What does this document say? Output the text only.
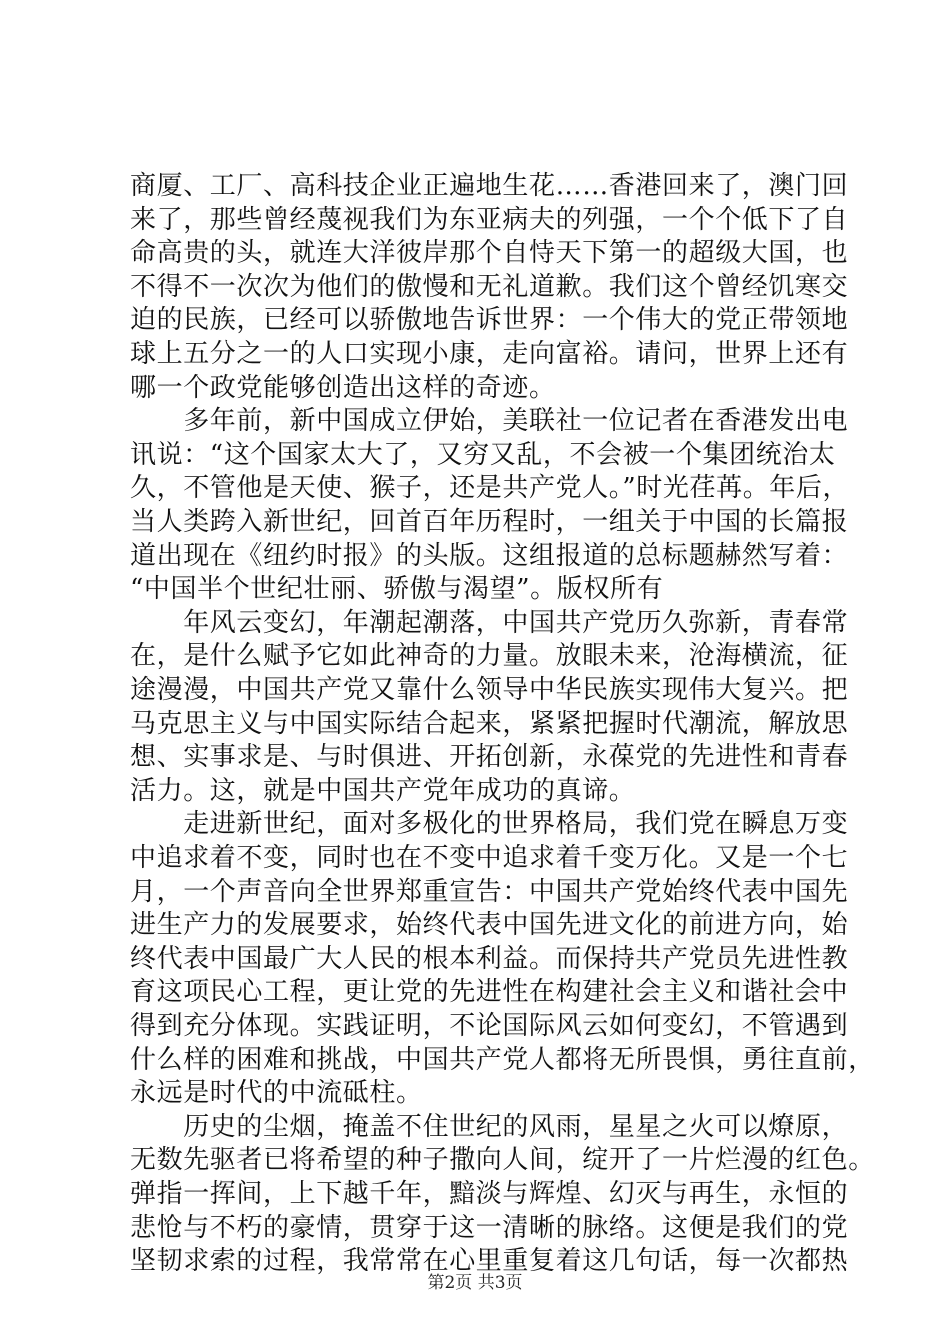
商厦、工厂、高科技企业正遍地生花……香港回来了，澳门回
来了，那些曾经蔑视我们为东亚病夫的列强，一个个低下了自
命高贵的头，就连大洋彼岸那个自恃天下第一的超级大国，也
不得不一次次为他们的傲慢和无礼道歉。我们这个曾经饥寒交
迫的民族，已经可以骄傲地告诉世界：一个伟大的党正带领地
球上五分之一的人口实现小康，走向富裕。请问，世界上还有
哪一个政党能够创造出这样的奇迹。
　　多年前，新中国成立伊始，美联社一位记者在香港发出电
讯说：“这个国家太大了，又穷又乱，不会被一个集团统治太
久，不管他是天使、猴子，还是共产党人。”时光荏苒。年后，
当人类跨入新世纪，回首百年历程时，一组关于中国的长篇报
道出现在《纽约时报》的头版。这组报道的总标题赫然写着：
“中国半个世纪壮丽、骄傲与渴望”。版权所有
　　年风云变幻，年潮起潮落，中国共产党历久弥新，青春常
在，是什么赋予它如此神奇的力量。放眼未来，沧海横流，征
途漫漫，中国共产党又靠什么领导中华民族实现伟大复兴。把
马克思主义与中国实际结合起来，紧紧把握时代潮流，解放思
想、实事求是、与时俱进、开拓创新，永葆党的先进性和青春
活力。这，就是中国共产党年成功的真谛。
　　走进新世纪，面对多极化的世界格局，我们党在瞬息万变
中追求着不变，同时也在不变中追求着千变万化。又是一个七
月，一个声音向全世界郑重宣告：中国共产党始终代表中国先
进生产力的发展要求，始终代表中国先进文化的前进方向，始
终代表中国最广大人民的根本利益。而保持共产党员先进性教
育这项民心工程，更让党的先进性在构建社会主义和谐社会中
得到充分体现。实践证明，不论国际风云如何变幻，不管遇到
什么样的困难和挑战，中国共产党人都将无所畏惧，勇往直前，
永远是时代的中流砥柱。
　　历史的尘烟，掩盖不住世纪的风雨，星星之火可以燎原，
无数先驱者已将希望的种子撒向人间，绽开了一片烂漫的红色。
弹指一挥间，上下越千年，黯淡与辉煌、幻灭与再生，永恒的
第2页 共3页
悲怆与不朽的豪情，贯穿于这一清晰的脉络。这便是我们的党
坚韧求索的过程，我常常在心里重复着这几句话，每一次都热
